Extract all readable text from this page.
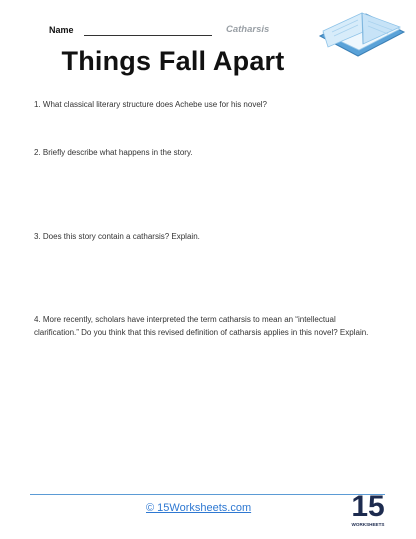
Name	Catharsis
Things Fall Apart
1. What classical literary structure does Achebe use for his novel?
2. Briefly describe what happens in the story.
3. Does this story contain a catharsis? Explain.
4. More recently, scholars have interpreted the term catharsis to mean an “intellectual clarification.” Do you think that this revised definition of catharsis applies in this novel? Explain.
© 15Worksheets.com	15
WORKSHEETS
